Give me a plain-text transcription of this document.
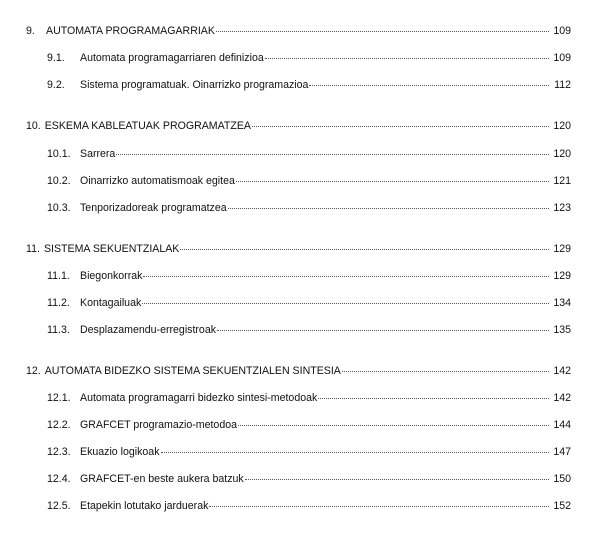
9.	AUTOMATA PROGRAMAGARRIAK	109
9.1.	Automata programagarriaren definizioa	109
9.2.	Sistema programatuak. Oinarrizko programazioa	112
10. ESKEMA KABLEATUAK PROGRAMATZEA	120
10.1. Sarrera	120
10.2. Oinarrizko automatismoak egitea	121
10.3. Tenporizadoreak programatzea	123
11. SISTEMA SEKUENTZIALAK	129
11.1. Biegonkorrak	129
11.2. Kontagailuak	134
11.3. Desplazamendu-erregistroak	135
12. AUTOMATA BIDEZKO SISTEMA SEKUENTZIALEN SINTESIA	142
12.1. Automata programagarri bidezko sintesi-metodoak	142
12.2. GRAFCET programazio-metodoa	144
12.3. Ekuazio logikoak	147
12.4. GRAFCET-en beste aukera batzuk	150
12.5. Etapekin lotutako jarduerak	152
